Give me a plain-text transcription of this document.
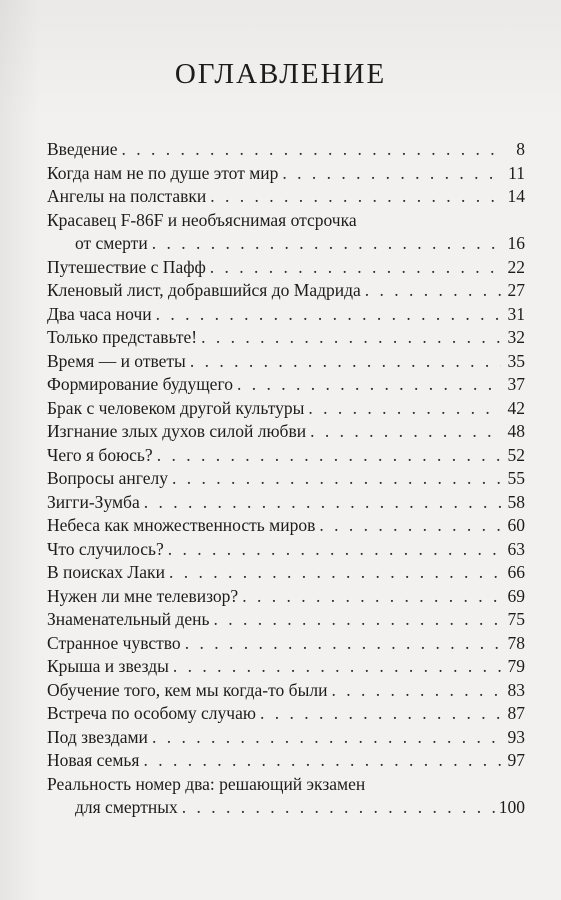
ОГЛАВЛЕНИЕ
Введение . . .	8
Когда нам не по душе этот мир . . .	11
Ангелы на полставки . . .	14
Красавец F-86F и необъяснимая отсрочка
от смерти . . .	16
Путешествие с Пафф . . .	22
Кленовый лист, добравшийся до Мадрида . . .	27
Два часа ночи . . .	31
Только представьте! . . .	32
Время — и ответы . . .	35
Формирование будущего . . .	37
Брак с человеком другой культуры . . .	42
Изгнание злых духов силой любви . . .	48
Чего я боюсь? . . .	52
Вопросы ангелу . . .	55
Зигги-Зумба . . .	58
Небеса как множественность миров . . .	60
Что случилось? . . .	63
В поисках Лаки . . .	66
Нужен ли мне телевизор? . . .	69
Знаменательный день . . .	75
Странное чувство . . .	78
Крыша и звезды . . .	79
Обучение того, кем мы когда-то были . . .	83
Встреча по особому случаю . . .	87
Под звездами . . .	93
Новая семья . . .	97
Реальность номер два: решающий экзамен
для смертных . . .	100
